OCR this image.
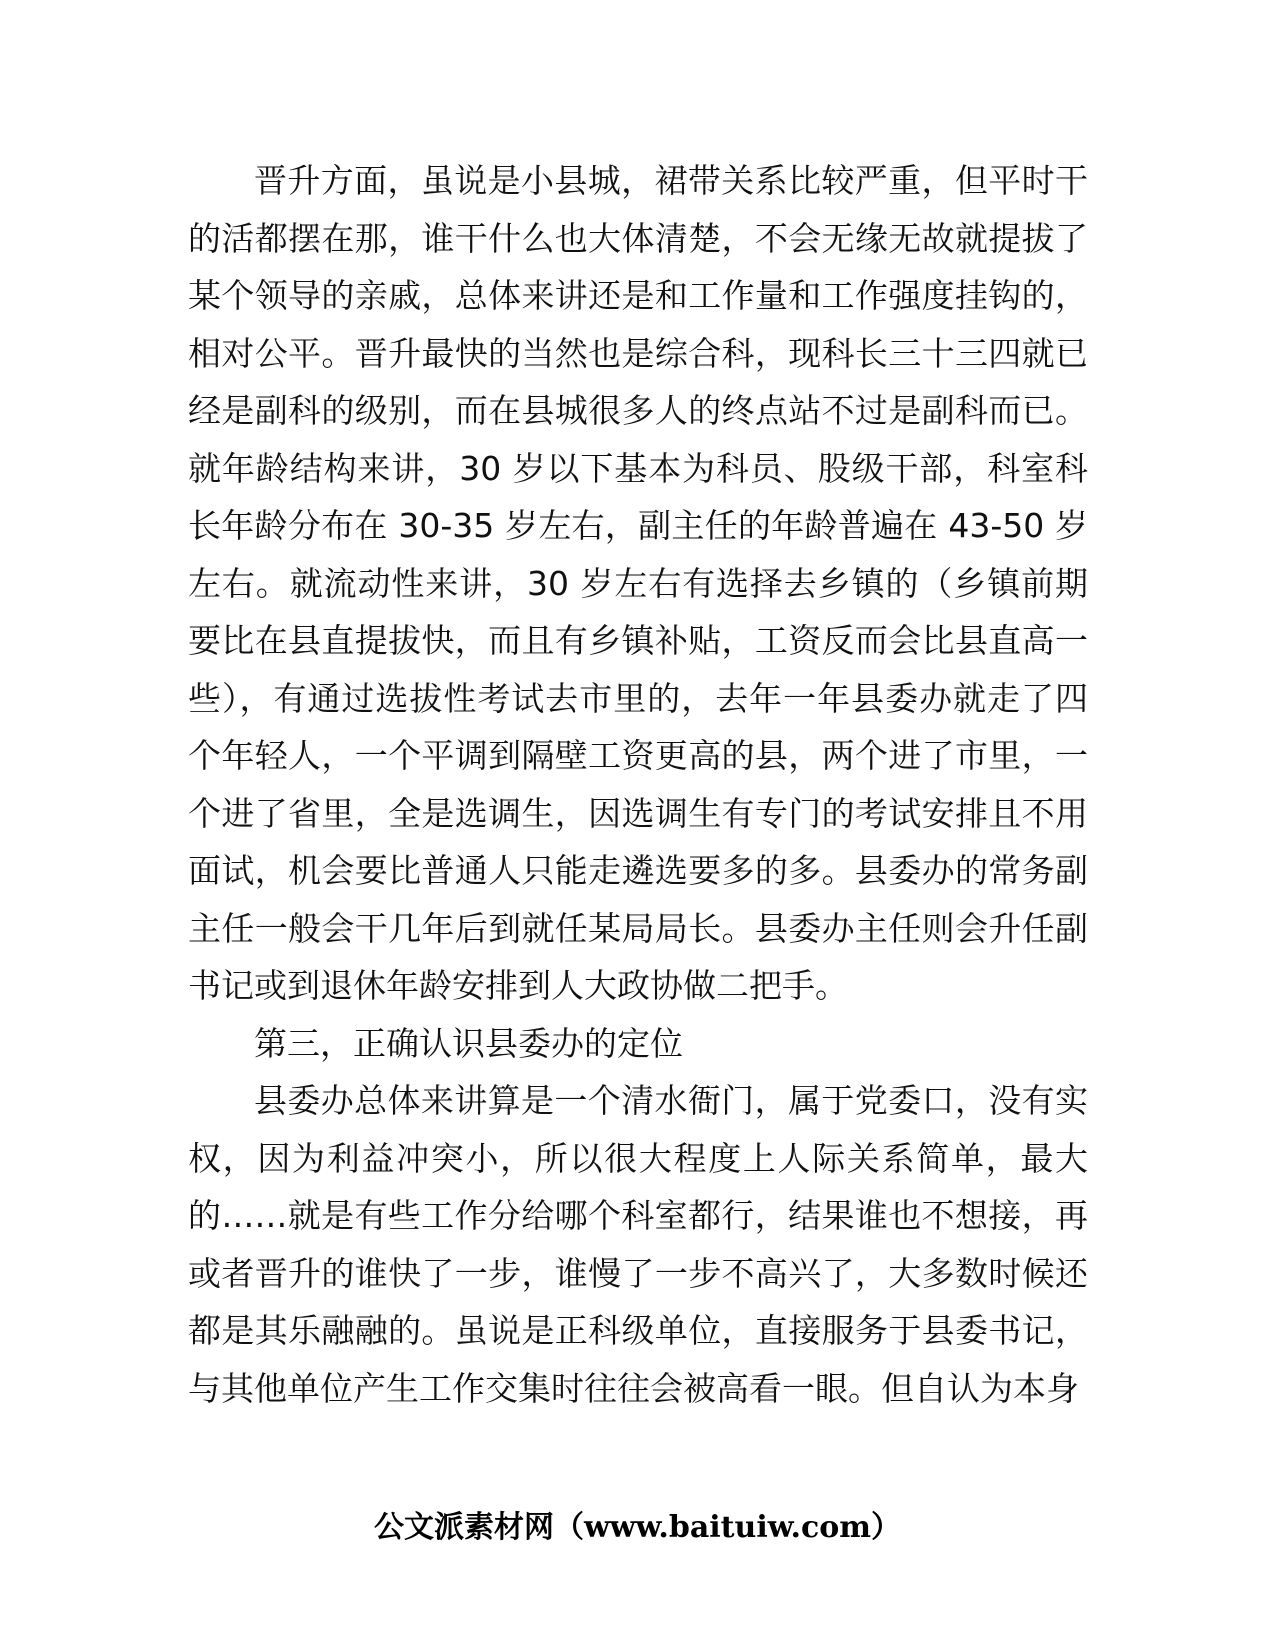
晋升方面，虽说是小县城，裙带关系比较严重，但平时干的活都摆在那，谁干什么也大体清楚，不会无缘无故就提拔了某个领导的亲戚，总体来讲还是和工作量和工作强度挂钩的，相对公平。晋升最快的当然也是综合科，现科长三十三四就已经是副科的级别，而在县城很多人的终点站不过是副科而已。就年龄结构来讲，30 岁以下基本为科员、股级干部，科室科长年龄分布在 30-35 岁左右，副主任的年龄普遍在 43-50 岁左右。就流动性来讲，30 岁左右有选择去乡镇的（乡镇前期要比在县直提拔快，而且有乡镇补贴，工资反而会比县直高一些），有通过选拔性考试去市里的，去年一年县委办就走了四个年轻人，一个平调到隔壁工资更高的县，两个进了市里，一个进了省里，全是选调生，因选调生有专门的考试安排且不用面试，机会要比普通人只能走遴选要多的多。县委办的常务副主任一般会干几年后到就任某局局长。县委办主任则会升任副书记或到退休年龄安排到人大政协做二把手。

第三，正确认识县委办的定位

县委办总体来讲算是一个清水衙门，属于党委口，没有实权，因为利益冲突小，所以很大程度上人际关系简单，最大的……就是有些工作分给哪个科室都行，结果谁也不想接，再或者晋升的谁快了一步，谁慢了一步不高兴了，大多数时候还都是其乐融融的。虽说是正科级单位，直接服务于县委书记，与其他单位产生工作交集时往往会被高看一眼。但自认为本身

公文派素材网（www.baituiw.com）
